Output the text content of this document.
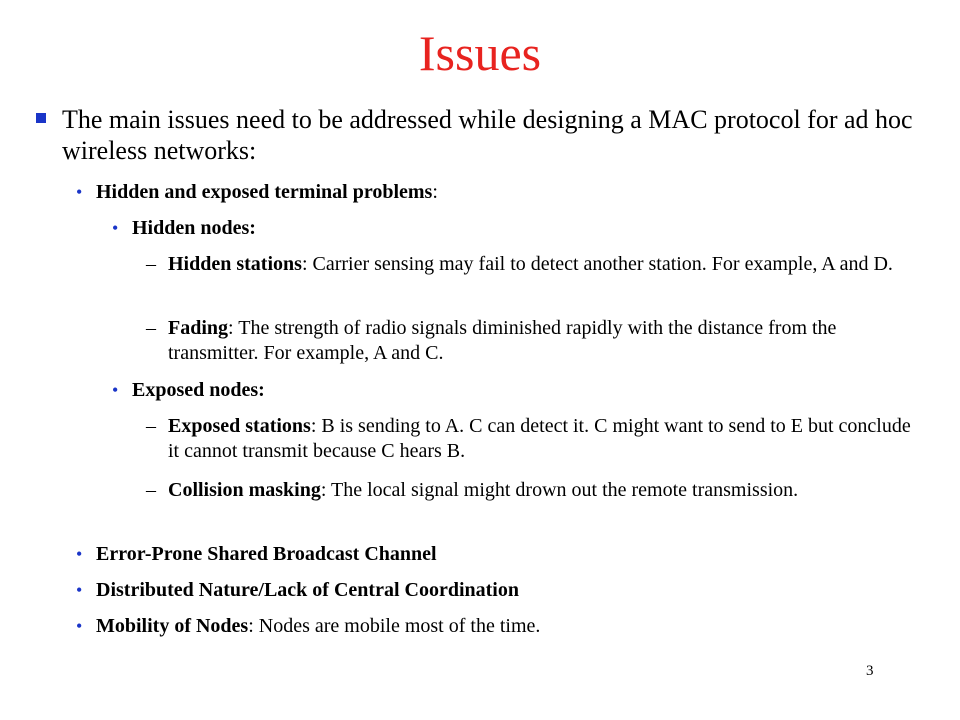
Issues
The main issues need to be addressed while designing a MAC protocol for ad hoc wireless networks:
• Hidden and exposed terminal problems:
• Hidden nodes:
– Hidden stations: Carrier sensing may fail to detect another station. For example, A and D.
– Fading: The strength of radio signals diminished rapidly with the distance from the transmitter. For example, A and C.
• Exposed nodes:
– Exposed stations: B is sending to A. C can detect it. C might want to send to E but conclude it cannot transmit because C hears B.
– Collision masking: The local signal might drown out the remote transmission.
• Error-Prone Shared Broadcast Channel
• Distributed Nature/Lack of Central Coordination
• Mobility of Nodes: Nodes are mobile most of the time.
3
